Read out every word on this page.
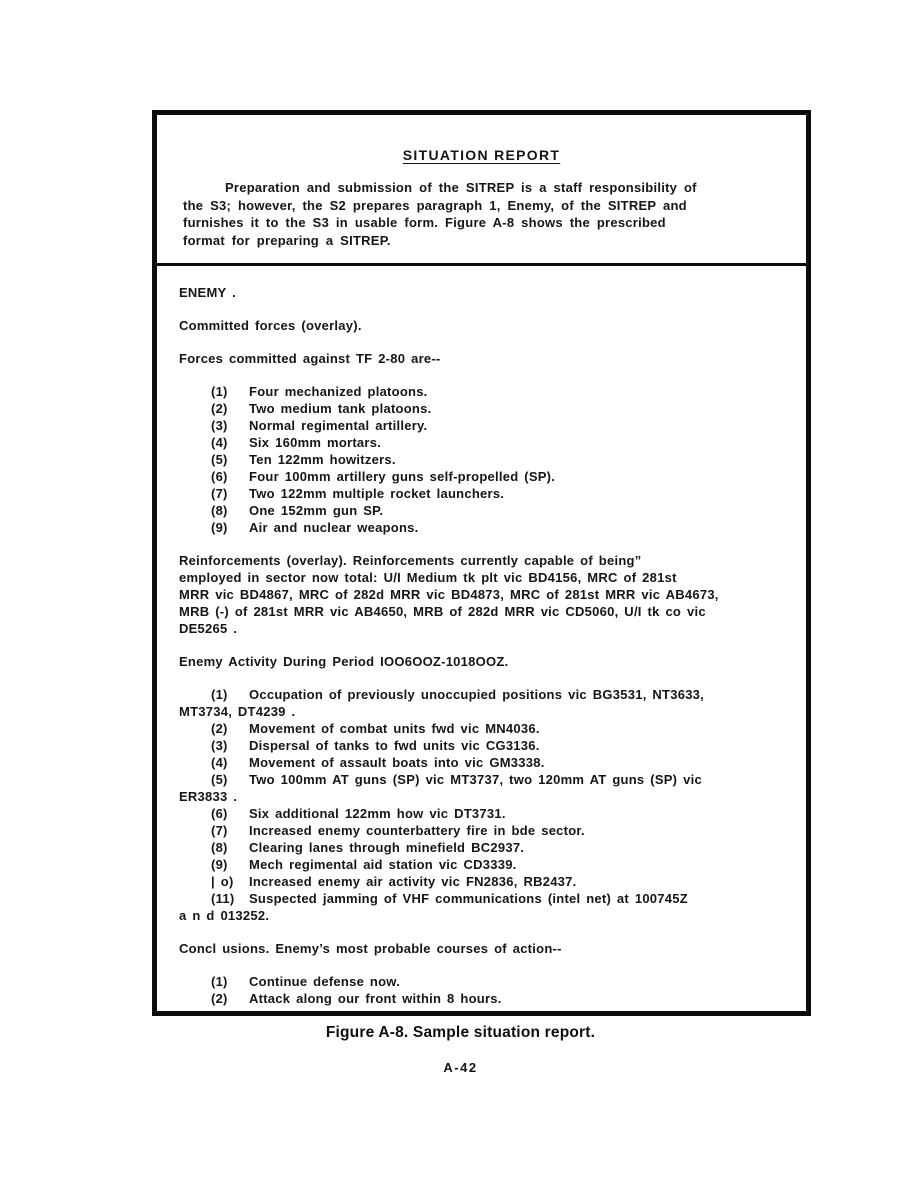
SITUATION REPORT
Preparation and submission of the SITREP is a staff responsibility of
the S3; however, the S2 prepares paragraph 1, Enemy, of the SITREP and
furnishes it to the S3 in usable form. Figure A-8 shows the prescribed
format for preparing a SITREP.
ENEMY .
Committed forces (overlay).
Forces committed against TF 2-80 are--
(1) Four mechanized platoons.
(2) Two medium tank platoons.
(3) Normal regimental artillery.
(4) Six 160mm mortars.
(5) Ten 122mm howitzers.
(6) Four 100mm artillery guns self-propelled (SP).
(7) Two 122mm multiple rocket launchers.
(8) One 152mm gun SP.
(9) Air and nuclear weapons.
Reinforcements (overlay). Reinforcements currently capable of being”
employed in sector now total: U/I Medium tk plt vic BD4156, MRC of 281st
MRR vic BD4867, MRC of 282d MRR vic BD4873, MRC of 281st MRR vic AB4673,
MRB (-) of 281st MRR vic AB4650, MRB of 282d MRR vic CD5060, U/I tk co vic
DE5265 .
Enemy Activity During Period IOO6OOZ-1018OOZ.
(1) Occupation of previously unoccupied positions vic BG3531, NT3633,
MT3734, DT4239 .
(2) Movement of combat units fwd vic MN4036.
(3) Dispersal of tanks to fwd units vic CG3136.
(4) Movement of assault boats into vic GM3338.
(5) Two 100mm AT guns (SP) vic MT3737, two 120mm AT guns (SP) vic
ER3833 .
(6) Six additional 122mm how vic DT3731.
(7) Increased enemy counterbattery fire in bde sector.
(8) Clearing lanes through minefield BC2937.
(9) Mech regimental aid station vic CD3339.
| o) Increased enemy air activity vic FN2836, RB2437.
(11) Suspected jamming of VHF communications (intel net) at 100745Z
a n d 013252.
Concl usions. Enemy’s most probable courses of action--
(1) Continue defense now.
(2) Attack along our front within 8 hours.
Figure A-8. Sample situation report.
A-42
